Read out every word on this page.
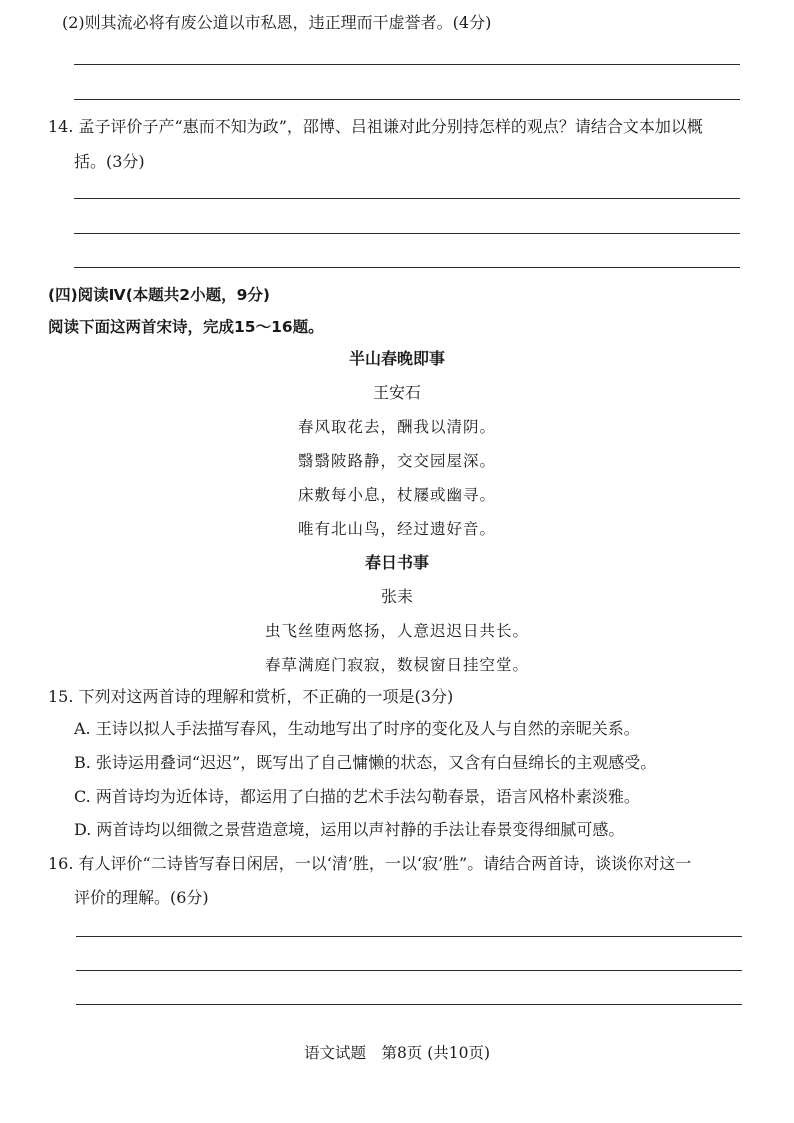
(2)则其流必将有废公道以市私恩，违正理而干虚誉者。(4分)
14. 孟子评价子产“惠而不知为政”，邵博、吕祖谦对此分别持怎样的观点？请结合文本加以概
括。(3分)
(四)阅读Ⅳ(本题共2小题，9分)
阅读下面这两首宋诗，完成15～16题。
半山春晚即事
王安石
春风取花去，酬我以清阴。
翳翳陂路静，交交园屋深。
床敷每小息，杖屦或幽寻。
唯有北山鸟，经过遗好音。
春日书事
张耒
虫飞丝堕两悠扬，人意迟迟日共长。
春草满庭门寂寂，数棂窗日挂空堂。
15. 下列对这两首诗的理解和赏析，不正确的一项是(3分)
A. 王诗以拟人手法描写春风，生动地写出了时序的变化及人与自然的亲昵关系。
B. 张诗运用叠词“迟迟”，既写出了自己慵懒的状态，又含有白昼绵长的主观感受。
C. 两首诗均为近体诗，都运用了白描的艺术手法勾勒春景，语言风格朴素淡雅。
D. 两首诗均以细微之景营造意境，运用以声衬静的手法让春景变得细腻可感。
16. 有人评价“二诗皆写春日闲居，一以‘清’胜，一以‘寂’胜”。请结合两首诗，谈谈你对这一
评价的理解。(6分)
语文试题　第8页 (共10页)
